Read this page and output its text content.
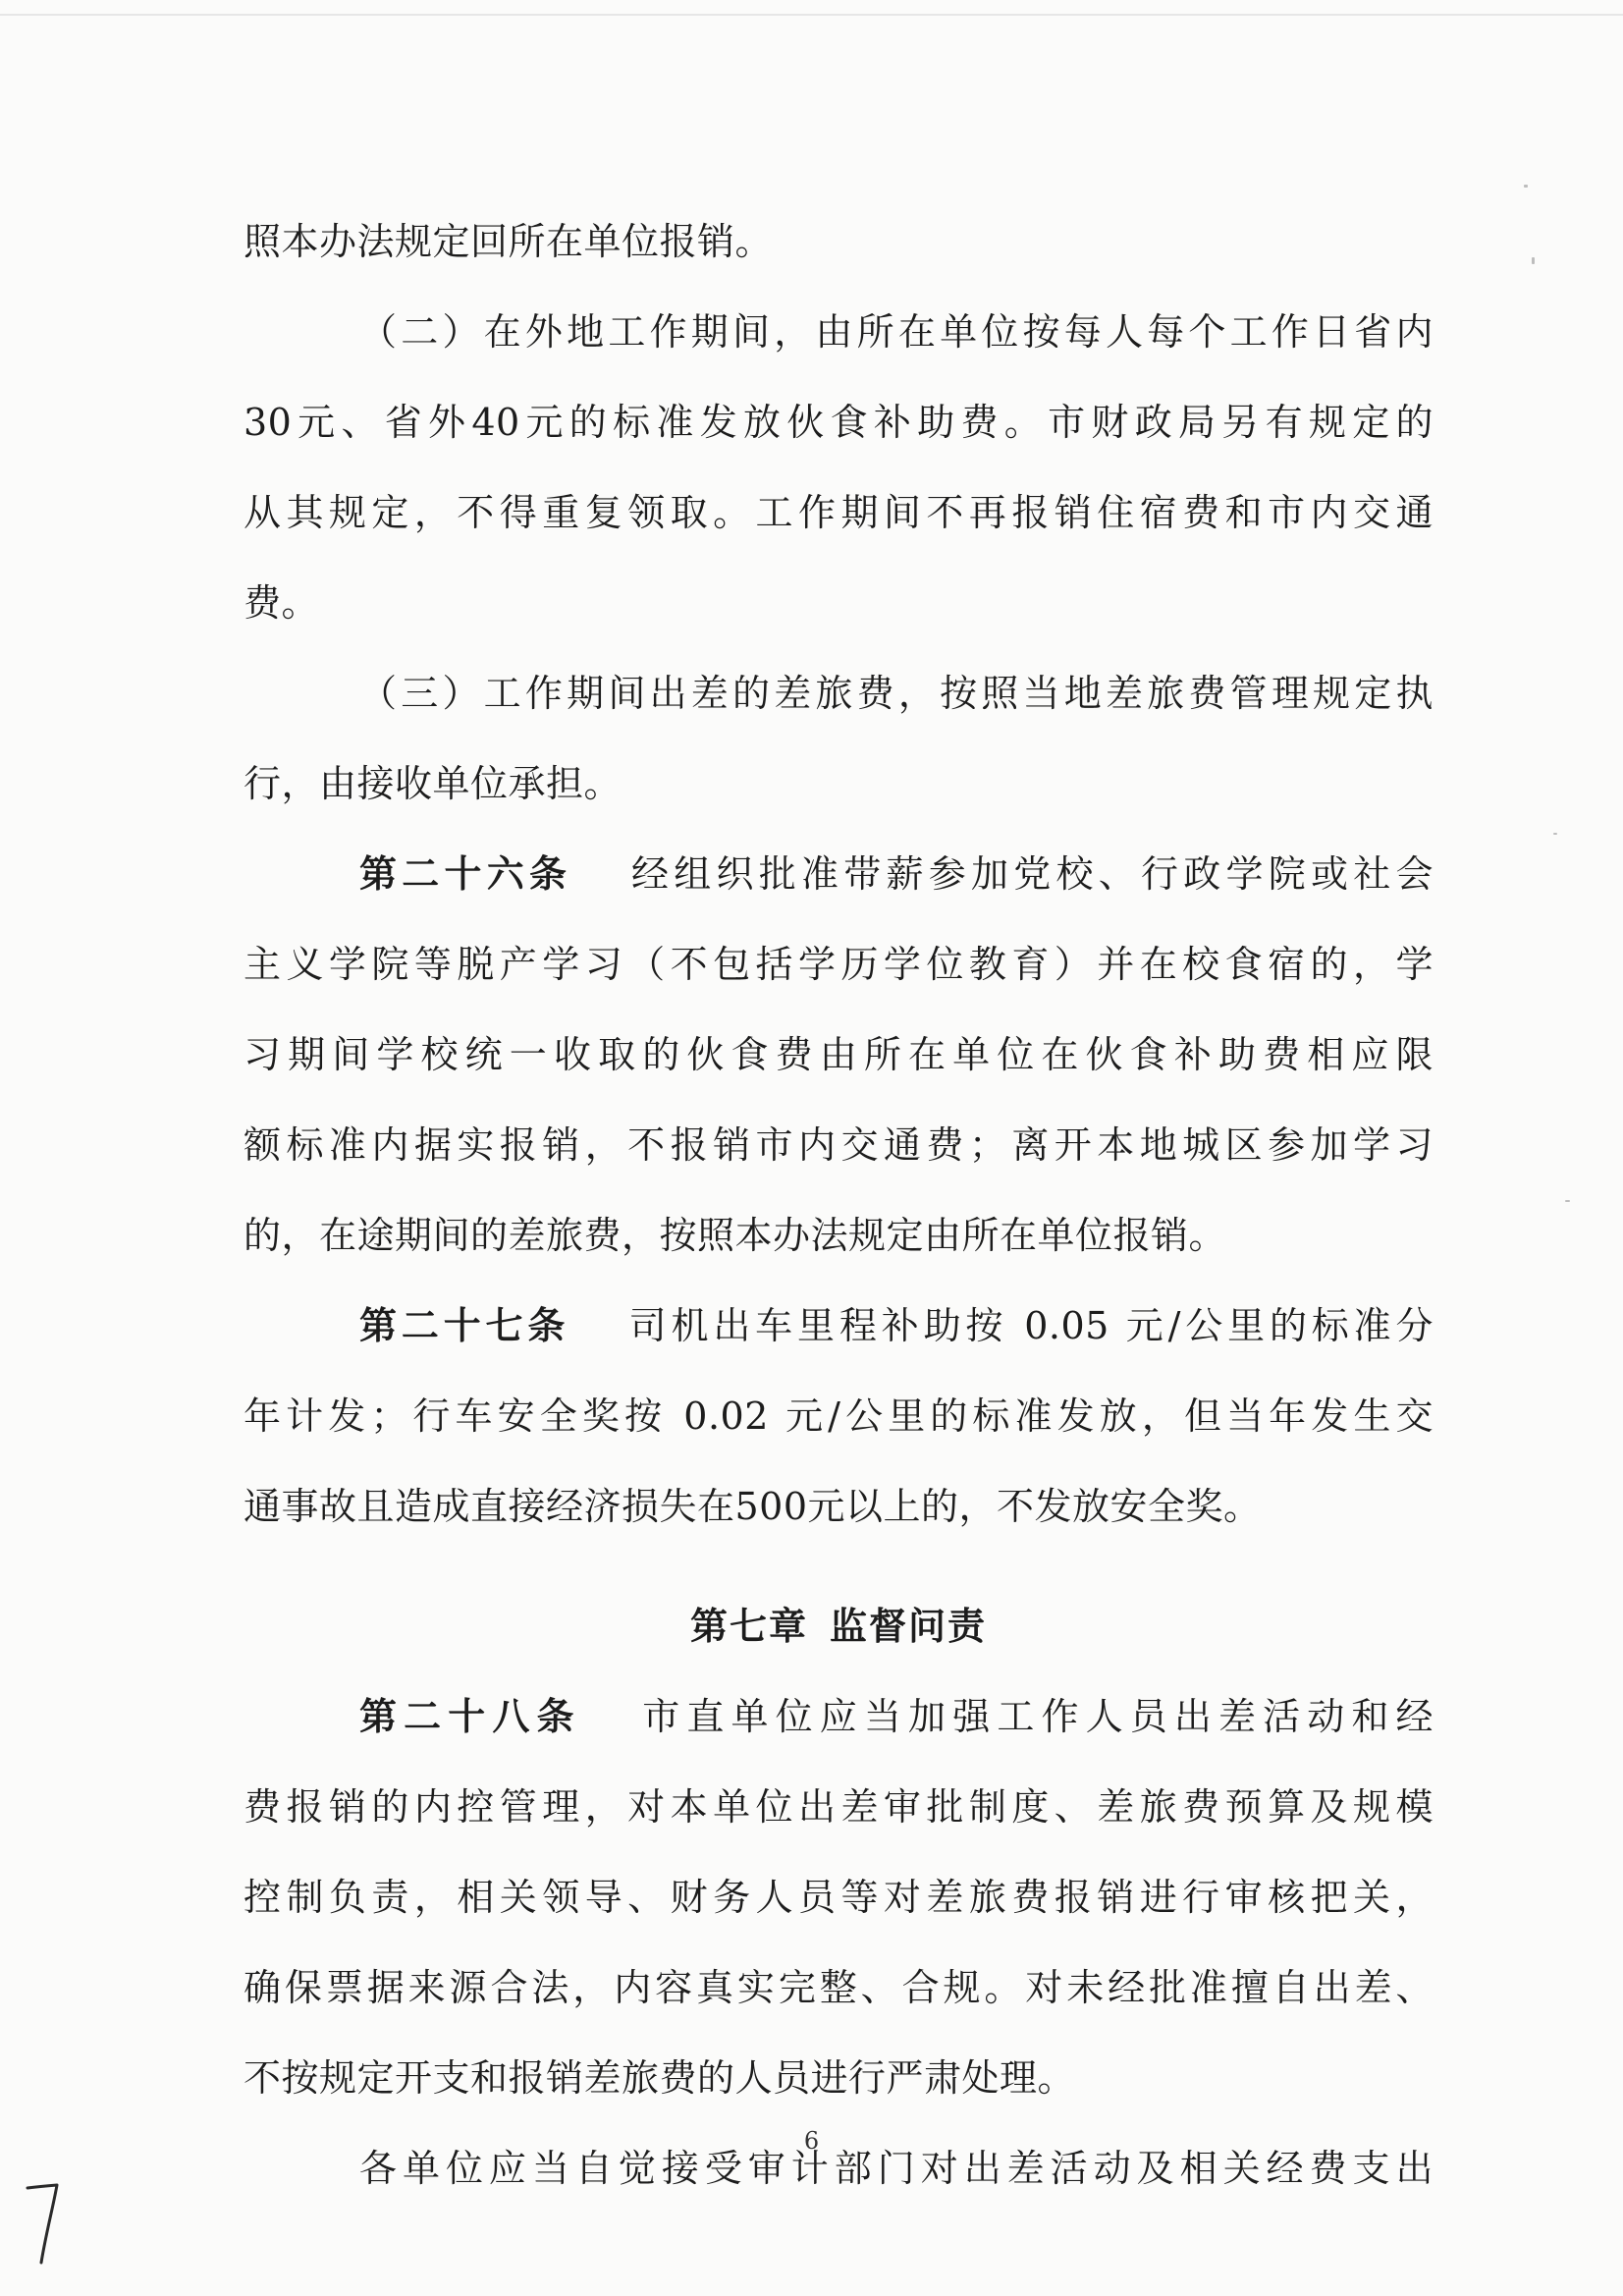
照本办法规定回所在单位报销。
（二）在外地工作期间，由所在单位按每人每个工作日省内
30元、省外40元的标准发放伙食补助费。市财政局另有规定的
从其规定，不得重复领取。工作期间不再报销住宿费和市内交通
费。
（三）工作期间出差的差旅费，按照当地差旅费管理规定执
行，由接收单位承担。
第二十六条 经组织批准带薪参加党校、行政学院或社会
主义学院等脱产学习（不包括学历学位教育）并在校食宿的，学
习期间学校统一收取的伙食费由所在单位在伙食补助费相应限
额标准内据实报销，不报销市内交通费；离开本地城区参加学习
的，在途期间的差旅费，按照本办法规定由所在单位报销。
第二十七条 司机出车里程补助按 0.05 元/公里的标准分
年计发；行车安全奖按 0.02 元/公里的标准发放，但当年发生交
通事故且造成直接经济损失在500元以上的，不发放安全奖。
第七章 监督问责
第二十八条 市直单位应当加强工作人员出差活动和经
费报销的内控管理，对本单位出差审批制度、差旅费预算及规模
控制负责，相关领导、财务人员等对差旅费报销进行审核把关，
确保票据来源合法，内容真实完整、合规。对未经批准擅自出差、
不按规定开支和报销差旅费的人员进行严肃处理。
各单位应当自觉接受审计部门对出差活动及相关经费支出
6
